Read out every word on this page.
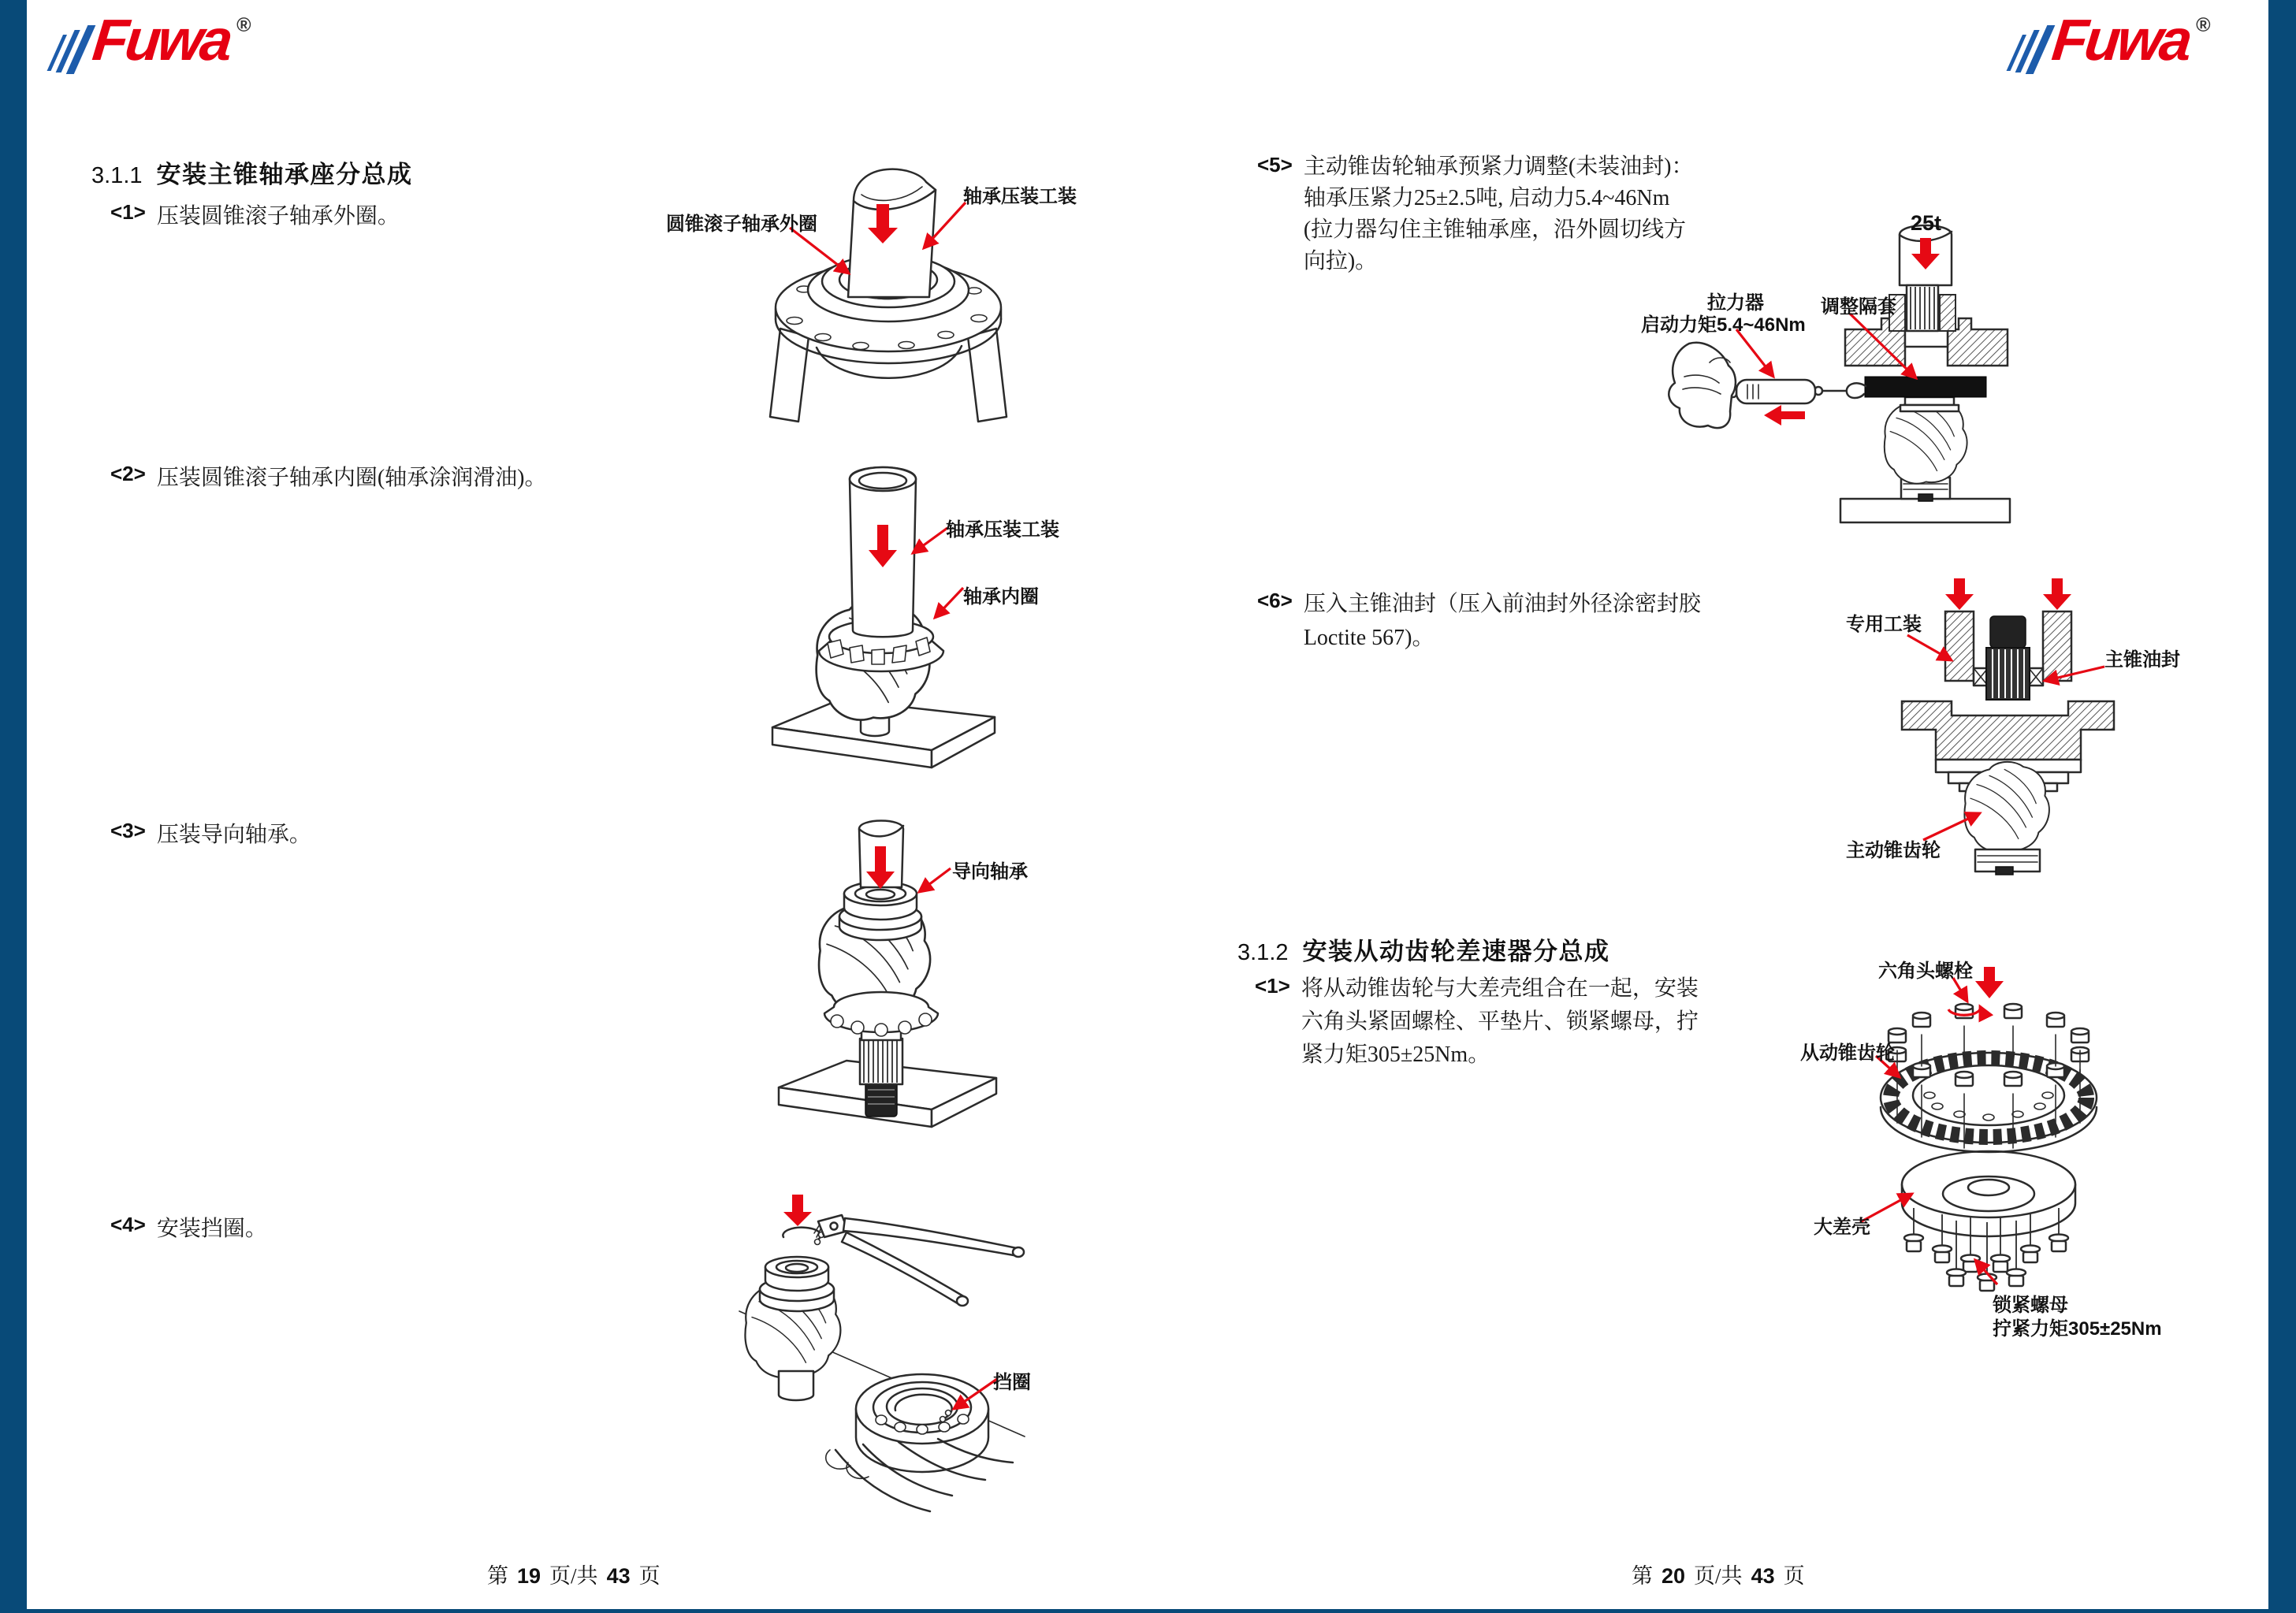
Fuwa ®	Fuwa ®
3.1.1 安装主锥轴承座分总成
<1> 压装圆锥滚子轴承外圈。
<2> 压装圆锥滚子轴承内圈(轴承涂润滑油)。
<3> 压装导向轴承。
<4> 安装挡圈。
圆锥滚子轴承外圈
轴承压装工装
轴承压装工装
轴承内圈
导向轴承
挡圈
第 19 页/共 43 页
<5> 主动锥齿轮轴承预紧力调整(未装油封)：
轴承压紧力25±2.5吨, 启动力5.4~46Nm
(拉力器勾住主锥轴承座，沿外圆切线方
向拉)。
25t
拉力器
启动力矩5.4~46Nm
调整隔套
<6> 压入主锥油封（压入前油封外径涂密封胶
Loctite 567)。
专用工装
主锥油封
主动锥齿轮
3.1.2 安装从动齿轮差速器分总成
<1> 将从动锥齿轮与大差壳组合在一起，安装
六角头紧固螺栓、平垫片、锁紧螺母，拧
紧力矩305±25Nm。
六角头螺栓
从动锥齿轮
大差壳
锁紧螺母
拧紧力矩305±25Nm
第 20 页/共 43 页
